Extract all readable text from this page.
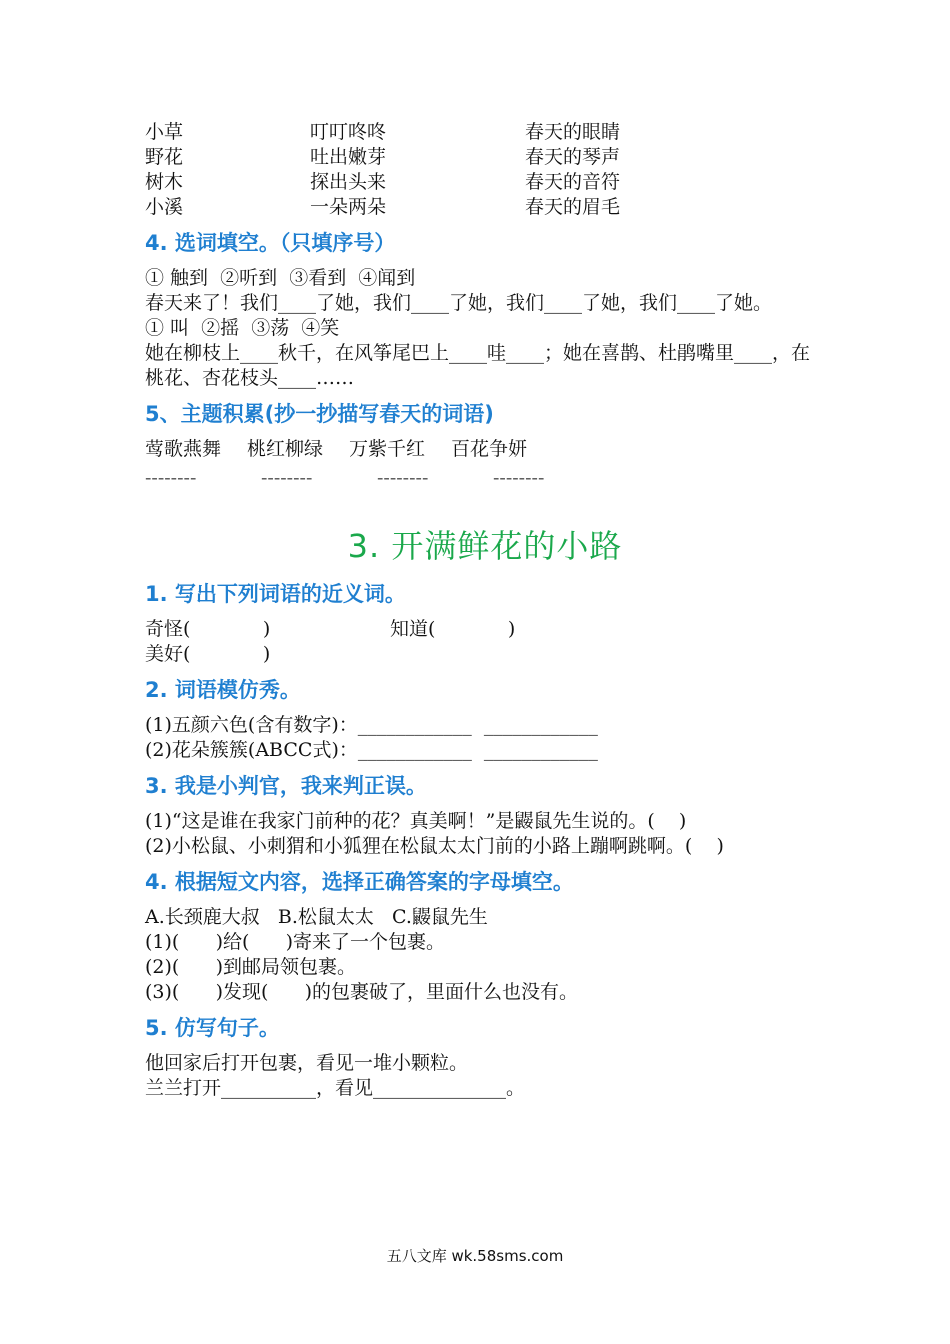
小草	叮叮咚咚	春天的眼睛
野花	吐出嫩芽	春天的琴声
树木	探出头来	春天的音符
小溪	一朵两朵	春天的眉毛
4. 选词填空。（只填序号）
① 触到  ②听到  ③看到  ④闻到
春天来了！我们____了她，我们____了她，我们____了她，我们____了她。
① 叫  ②摇  ③荡  ④笑
她在柳枝上____秋千，在风筝尾巴上____哇____；她在喜鹊、杜鹃嘴里____，在桃花、杏花枝头____……
5、主题积累(抄一抄描写春天的词语)
莺歌燕舞 桃红柳绿 万紫千红 百花争妍
--------	--------	--------	--------
3. 开满鲜花的小路
1. 写出下列词语的近义词。
奇怪(            )	知道(            )
美好(            )
2. 词语模仿秀。
(1)五颜六色(含有数字)：____________  ____________
(2)花朵簇簇(ABCC式)：____________  ____________
3. 我是小判官，我来判正误。
(1)“这是谁在我家门前种的花？真美啊！”是鼹鼠先生说的。(    )
(2)小松鼠、小刺猬和小狐狸在松鼠太太门前的小路上蹦啊跳啊。(    )
4. 根据短文内容，选择正确答案的字母填空。
A.长颈鹿大叔   B.松鼠太太   C.鼹鼠先生
(1)(      )给(      )寄来了一个包裹。
(2)(      )到邮局领包裹。
(3)(      )发现(      )的包裹破了，里面什么也没有。
5. 仿写句子。
他回家后打开包裹，看见一堆小颗粒。
兰兰打开__________，看见______________。
五八文库 wk.58sms.com
